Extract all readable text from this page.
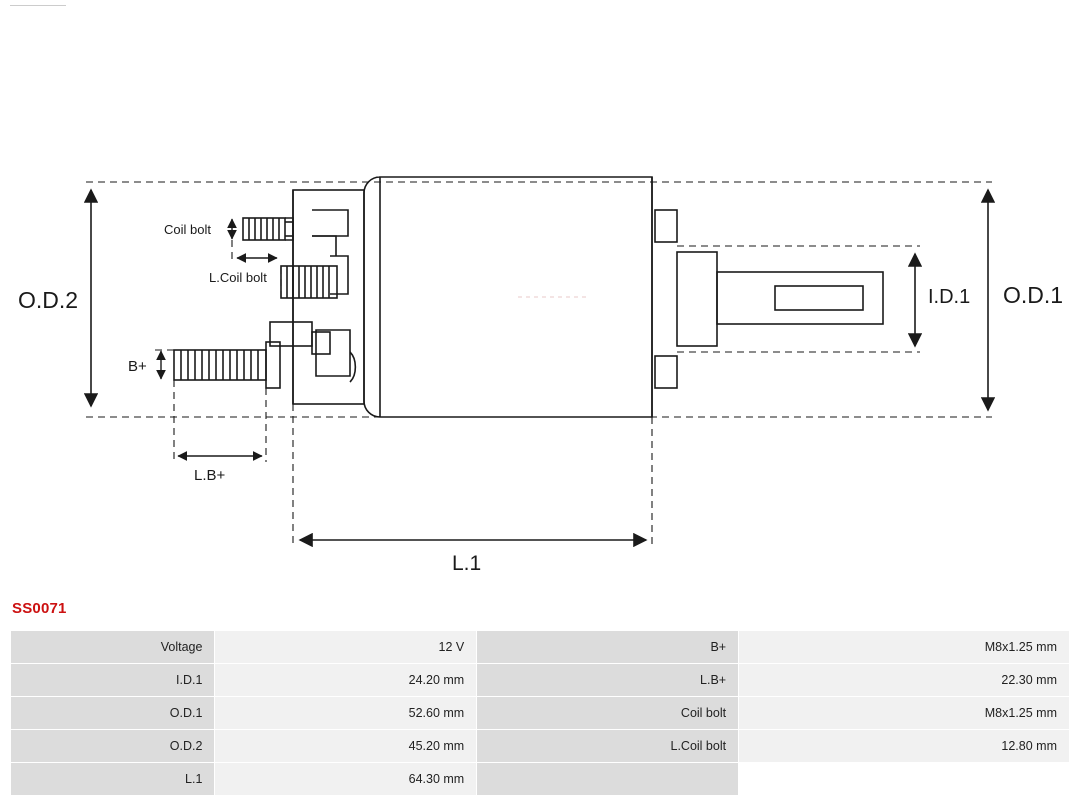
O.D.2	O.D.1
I.D.1
L.1
L.B+
B+
Coil bolt
L.Coil bolt
SS0071
Voltage	12 V	B+	M8x1.25 mm
I.D.1	24.20 mm	L.B+	22.30 mm
O.D.1	52.60 mm	Coil bolt	M8x1.25 mm
O.D.2	45.20 mm	L.Coil bolt	12.80 mm
L.1	64.30 mm		
